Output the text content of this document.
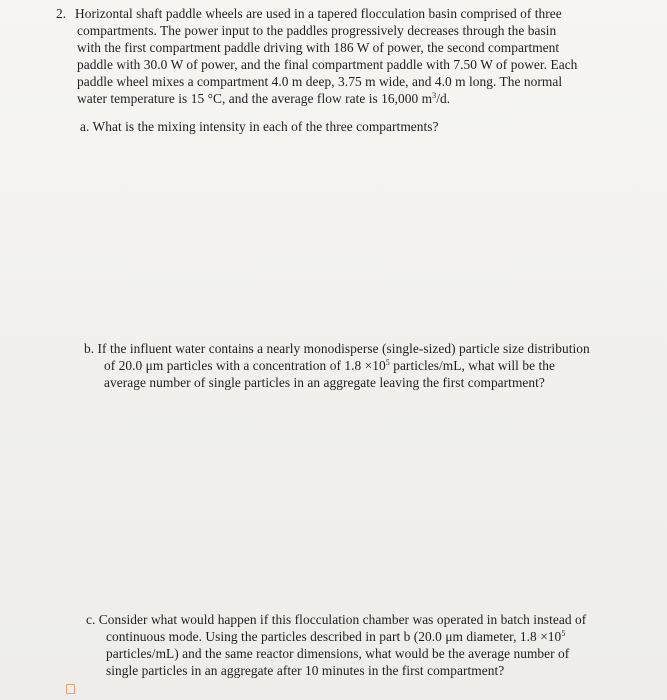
2. Horizontal shaft paddle wheels are used in a tapered flocculation basin comprised of three
compartments. The power input to the paddles progressively decreases through the basin
with the first compartment paddle driving with 186 W of power, the second compartment
paddle with 30.0 W of power, and the final compartment paddle with 7.50 W of power. Each
paddle wheel mixes a compartment 4.0 m deep, 3.75 m wide, and 4.0 m long. The normal
water temperature is 15 °C, and the average flow rate is 16,000 $m^3/d$.
a. What is the mixing intensity in each of the three compartments?
b. If the influent water contains a nearly monodisperse (single-sized) particle size distribution
of 20.0 μm particles with a concentration of $1.8 \times 10^5$ particles/mL, what will be the
average number of single particles in an aggregate leaving the first compartment?
c. Consider what would happen if this flocculation chamber was operated in batch instead of
continuous mode. Using the particles described in part b (20.0 μm diameter, $1.8 \times 10^5$
particles/mL) and the same reactor dimensions, what would be the average number of
single particles in an aggregate after 10 minutes in the first compartment?
